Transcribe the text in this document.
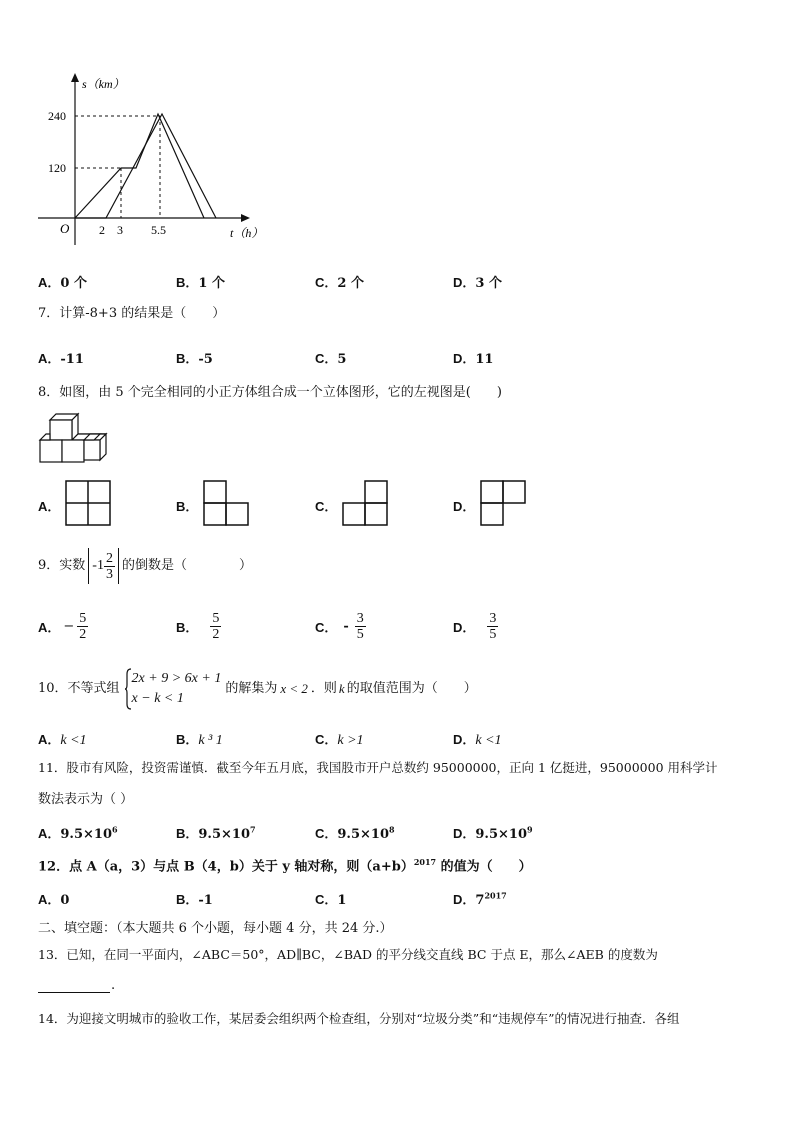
s（km）
t（h）
O
240
120
2 3 5.5
A．0 个	B．1 个	C．2 个	D．3 个
7．计算-8+3 的结果是（　　）
A．-11	B．-5	C．5	D．11
8．如图，由 5 个完全相同的小正方体组合成一个立体图形，它的左视图是(　　)
A．	B．	C．	D．
9．实数 $-1 \frac{2}{3}$ 的倒数是（　　　　）
A． − $\frac{5}{2}$	B． $\frac{5}{2}$	C． - $\frac{3}{5}$	D． $\frac{3}{5}$
10．不等式组
2x + 9 > 6x + 1
x − k < 1
的解集为 x < 2 ．则 k 的取值范围为（　　）
A．k <1	B．k ³ 1	C．k >1	D．k <1
11．股市有风险，投资需谨慎．截至今年五月底，我国股市开户总数约 95000000，正向 1 亿挺进，95000000 用科学计
数法表示为（ ）
A．$9.5\times 10^6$	B．$9.5\times 10^7$	C．$9.5\times 10^8$	D．$9.5\times 10^9$
12．点 A（a，3）与点 B（4，b）关于 y 轴对称，则$(a+b)^{2017}$ 的值为（　　）
A．0	B．-1	C．1	D．$7^{2017}$
二、填空题：（本大题共 6 个小题，每小题 4 分，共 24 分.）
13．已知，在同一平面内，∠ABC＝50°，AD∥BC，∠BAD 的平分线交直线 BC 于点 E，那么∠AEB 的度数为
.
14．为迎接文明城市的验收工作，某居委会组织两个检查组，分别对“垃圾分类”和“违规停车”的情况进行抽查．各组
